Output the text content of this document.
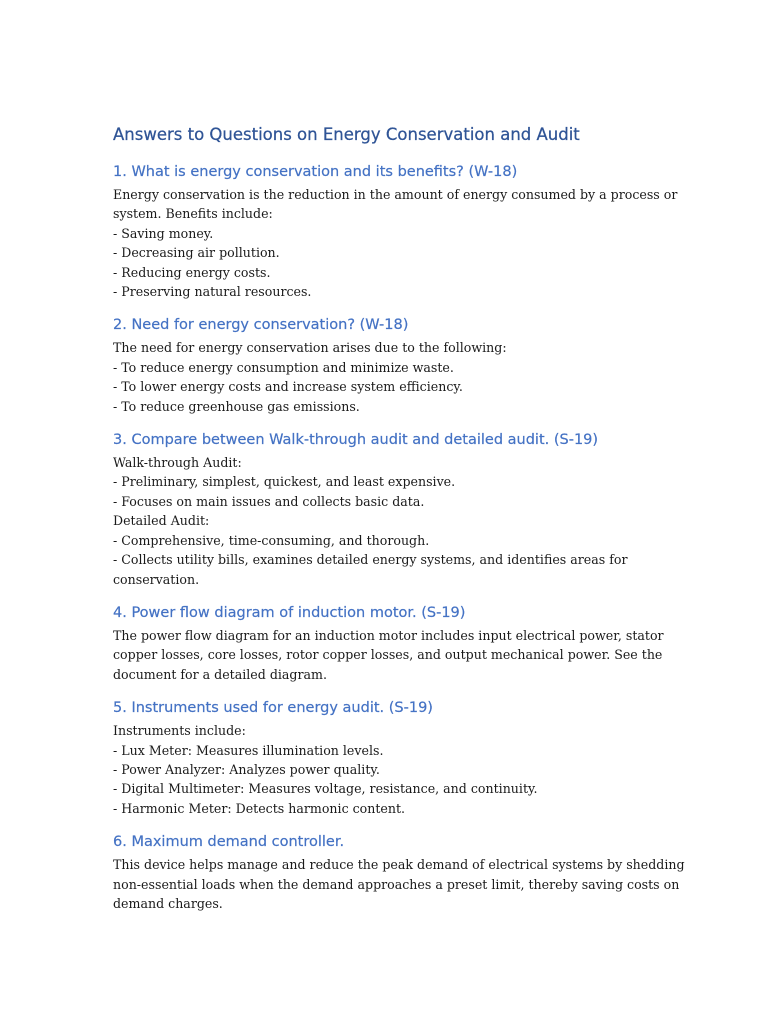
Answers to Questions on Energy Conservation and Audit
1. What is energy conservation and its benefits? (W-18)
Energy conservation is the reduction in the amount of energy consumed by a process or
system. Benefits include:
- Saving money.
- Decreasing air pollution.
- Reducing energy costs.
- Preserving natural resources.
2. Need for energy conservation? (W-18)
The need for energy conservation arises due to the following:
- To reduce energy consumption and minimize waste.
- To lower energy costs and increase system efficiency.
- To reduce greenhouse gas emissions.
3. Compare between Walk-through audit and detailed audit. (S-19)
Walk-through Audit:
- Preliminary, simplest, quickest, and least expensive.
- Focuses on main issues and collects basic data.
Detailed Audit:
- Comprehensive, time-consuming, and thorough.
- Collects utility bills, examines detailed energy systems, and identifies areas for
conservation.
4. Power flow diagram of induction motor. (S-19)
The power flow diagram for an induction motor includes input electrical power, stator
copper losses, core losses, rotor copper losses, and output mechanical power. See the
document for a detailed diagram.
5. Instruments used for energy audit. (S-19)
Instruments include:
- Lux Meter: Measures illumination levels.
- Power Analyzer: Analyzes power quality.
- Digital Multimeter: Measures voltage, resistance, and continuity.
- Harmonic Meter: Detects harmonic content.
6. Maximum demand controller.
This device helps manage and reduce the peak demand of electrical systems by shedding
non-essential loads when the demand approaches a preset limit, thereby saving costs on
demand charges.
